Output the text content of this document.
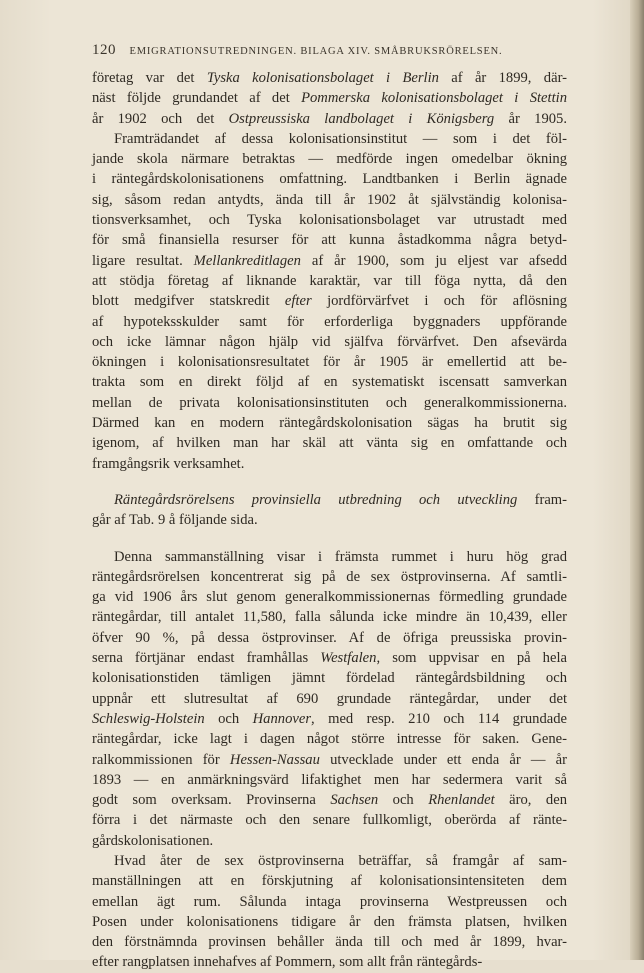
120 EMIGRATIONSUTREDNINGEN. BILAGA XIV. SMÅBRUKSRÖRELSEN.

företag var det Tyska kolonisationsbolaget i Berlin af år 1899, där-

näst följde grundandet af det Pommerska kolonisationsbolaget i Stettin

år 1902 och det Ostpreussiska landbolaget i Königsberg år 1905.

Framträdandet af dessa kolonisationsinstitut — som i det föl-

jande skola närmare betraktas — medförde ingen omedelbar ökning

i räntegårdskolonisationens omfattning. Landtbanken i Berlin ägnade

sig, såsom redan antydts, ända till år 1902 åt självständig kolonisa-

tionsverksamhet, och Tyska kolonisationsbolaget var utrustadt med

för små finansiella resurser för att kunna åstadkomma några betyd-

ligare resultat. Mellankreditlagen af år 1900, som ju eljest var afsedd

att stödja företag af liknande karaktär, var till föga nytta, då den

blott medgifver statskredit efter jordförvärfvet i och för aflösning

af hypoteksskulder samt för erforderliga byggnaders uppförande

och icke lämnar någon hjälp vid själfva förvärfvet. Den afsevärda

ökningen i kolonisationsresultatet för år 1905 är emellertid att be-

trakta som en direkt följd af en systematiskt iscensatt samverkan

mellan de privata kolonisationsinstituten och generalkommissionerna.

Därmed kan en modern räntegårdskolonisation sägas ha brutit sig

igenom, af hvilken man har skäl att vänta sig en omfattande och

framgångsrik verksamhet.

Räntegårdsrörelsens provinsiella utbredning och utveckling fram-

går af Tab. 9 å följande sida.

Denna sammanställning visar i främsta rummet i huru hög grad

räntegårdsrörelsen koncentrerat sig på de sex östprovinserna. Af samtli-

ga vid 1906 års slut genom generalkommissionernas förmedling grundade

räntegårdar, till antalet 11,580, falla sålunda icke mindre än 10,439, eller

öfver 90 %, på dessa östprovinser. Af de öfriga preussiska provin-

serna förtjänar endast framhållas Westfalen, som uppvisar en på hela

kolonisationstiden tämligen jämnt fördelad räntegårdsbildning och

uppnår ett slutresultat af 690 grundade räntegårdar, under det

Schleswig-Holstein och Hannover, med resp. 210 och 114 grundade

räntegårdar, icke lagt i dagen något större intresse för saken. Gene-

ralkommissionen för Hessen-Nassau utvecklade under ett enda år — år

1893 — en anmärkningsvärd lifaktighet men har sedermera varit så

godt som overksam. Provinserna Sachsen och Rhenlandet äro, den

förra i det närmaste och den senare fullkomligt, oberörda af ränte-

gårdskolonisationen.

Hvad åter de sex östprovinserna beträffar, så framgår af sam-

manställningen att en förskjutning af kolonisationsintensiteten dem

emellan ägt rum. Sålunda intaga provinserna Westpreussen och

Posen under kolonisationens tidigare år den främsta platsen, hvilken

den förstnämnda provinsen behåller ända till och med år 1899, hvar-

efter rangplatsen innehafves af Pommern, som allt från räntegårds-
